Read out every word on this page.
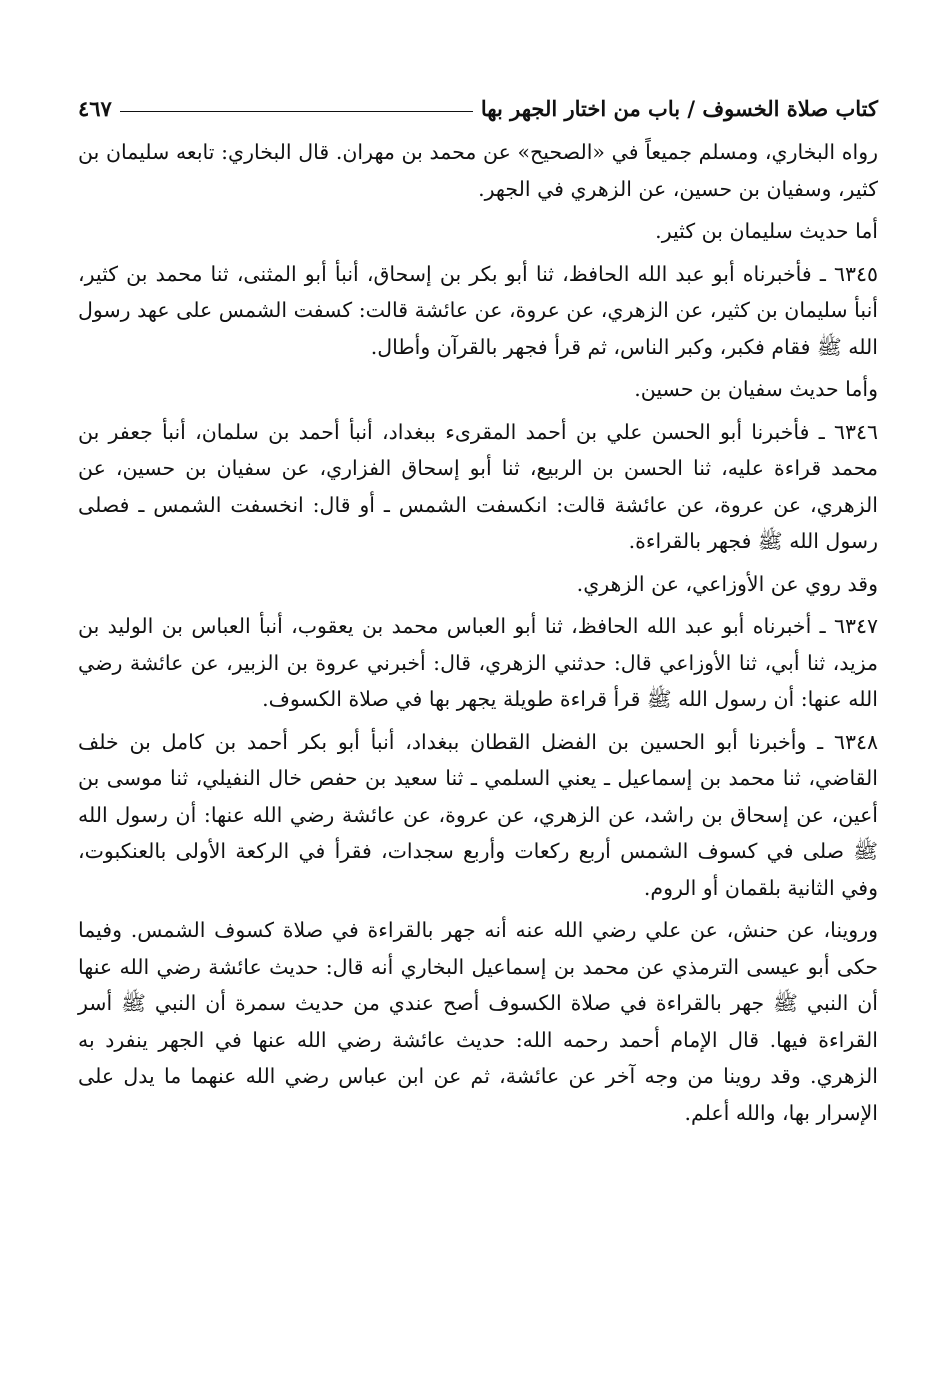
كتاب صلاة الخسوف / باب من اختار الجهر بها
٤٦٧

رواه البخاري، ومسلم جميعاً في «الصحيح» عن محمد بن مهران. قال البخاري: تابعه سليمان بن كثير، وسفيان بن حسين، عن الزهري في الجهر.

أما حديث سليمان بن كثير.

٦٣٤٥ ـ فأخبرناه أبو عبد الله الحافظ، ثنا أبو بكر بن إسحاق، أنبأ أبو المثنى، ثنا محمد بن كثير، أنبأ سليمان بن كثير، عن الزهري، عن عروة، عن عائشة قالت: كسفت الشمس على عهد رسول الله ﷺ فقام فكبر، وكبر الناس، ثم قرأ فجهر بالقرآن وأطال.

وأما حديث سفيان بن حسين.

٦٣٤٦ ـ فأخبرنا أبو الحسن علي بن أحمد المقرىء ببغداد، أنبأ أحمد بن سلمان، أنبأ جعفر بن محمد قراءة عليه، ثنا الحسن بن الربيع، ثنا أبو إسحاق الفزاري، عن سفيان بن حسين، عن الزهري، عن عروة، عن عائشة قالت: انكسفت الشمس ـ أو قال: انخسفت الشمس ـ فصلى رسول الله ﷺ فجهر بالقراءة.

وقد روي عن الأوزاعي، عن الزهري.

٦٣٤٧ ـ أخبرناه أبو عبد الله الحافظ، ثنا أبو العباس محمد بن يعقوب، أنبأ العباس بن الوليد بن مزيد، ثنا أبي، ثنا الأوزاعي قال: حدثني الزهري، قال: أخبرني عروة بن الزبير، عن عائشة رضي الله عنها: أن رسول الله ﷺ قرأ قراءة طويلة يجهر بها في صلاة الكسوف.

٦٣٤٨ ـ وأخبرنا أبو الحسين بن الفضل القطان ببغداد، أنبأ أبو بكر أحمد بن كامل بن خلف القاضي، ثنا محمد بن إسماعيل ـ يعني السلمي ـ ثنا سعيد بن حفص خال النفيلي، ثنا موسى بن أعين، عن إسحاق بن راشد، عن الزهري، عن عروة، عن عائشة رضي الله عنها: أن رسول الله ﷺ صلى في كسوف الشمس أربع ركعات وأربع سجدات، فقرأ في الركعة الأولى بالعنكبوت، وفي الثانية بلقمان أو الروم.

وروينا، عن حنش، عن علي رضي الله عنه أنه جهر بالقراءة في صلاة كسوف الشمس. وفيما حكى أبو عيسى الترمذي عن محمد بن إسماعيل البخاري أنه قال: حديث عائشة رضي الله عنها أن النبي ﷺ جهر بالقراءة في صلاة الكسوف أصح عندي من حديث سمرة أن النبي ﷺ أسر القراءة فيها. قال الإمام أحمد رحمه الله: حديث عائشة رضي الله عنها في الجهر ينفرد به الزهري. وقد روينا من وجه آخر عن عائشة، ثم عن ابن عباس رضي الله عنهما ما يدل على الإسرار بها، والله أعلم.
